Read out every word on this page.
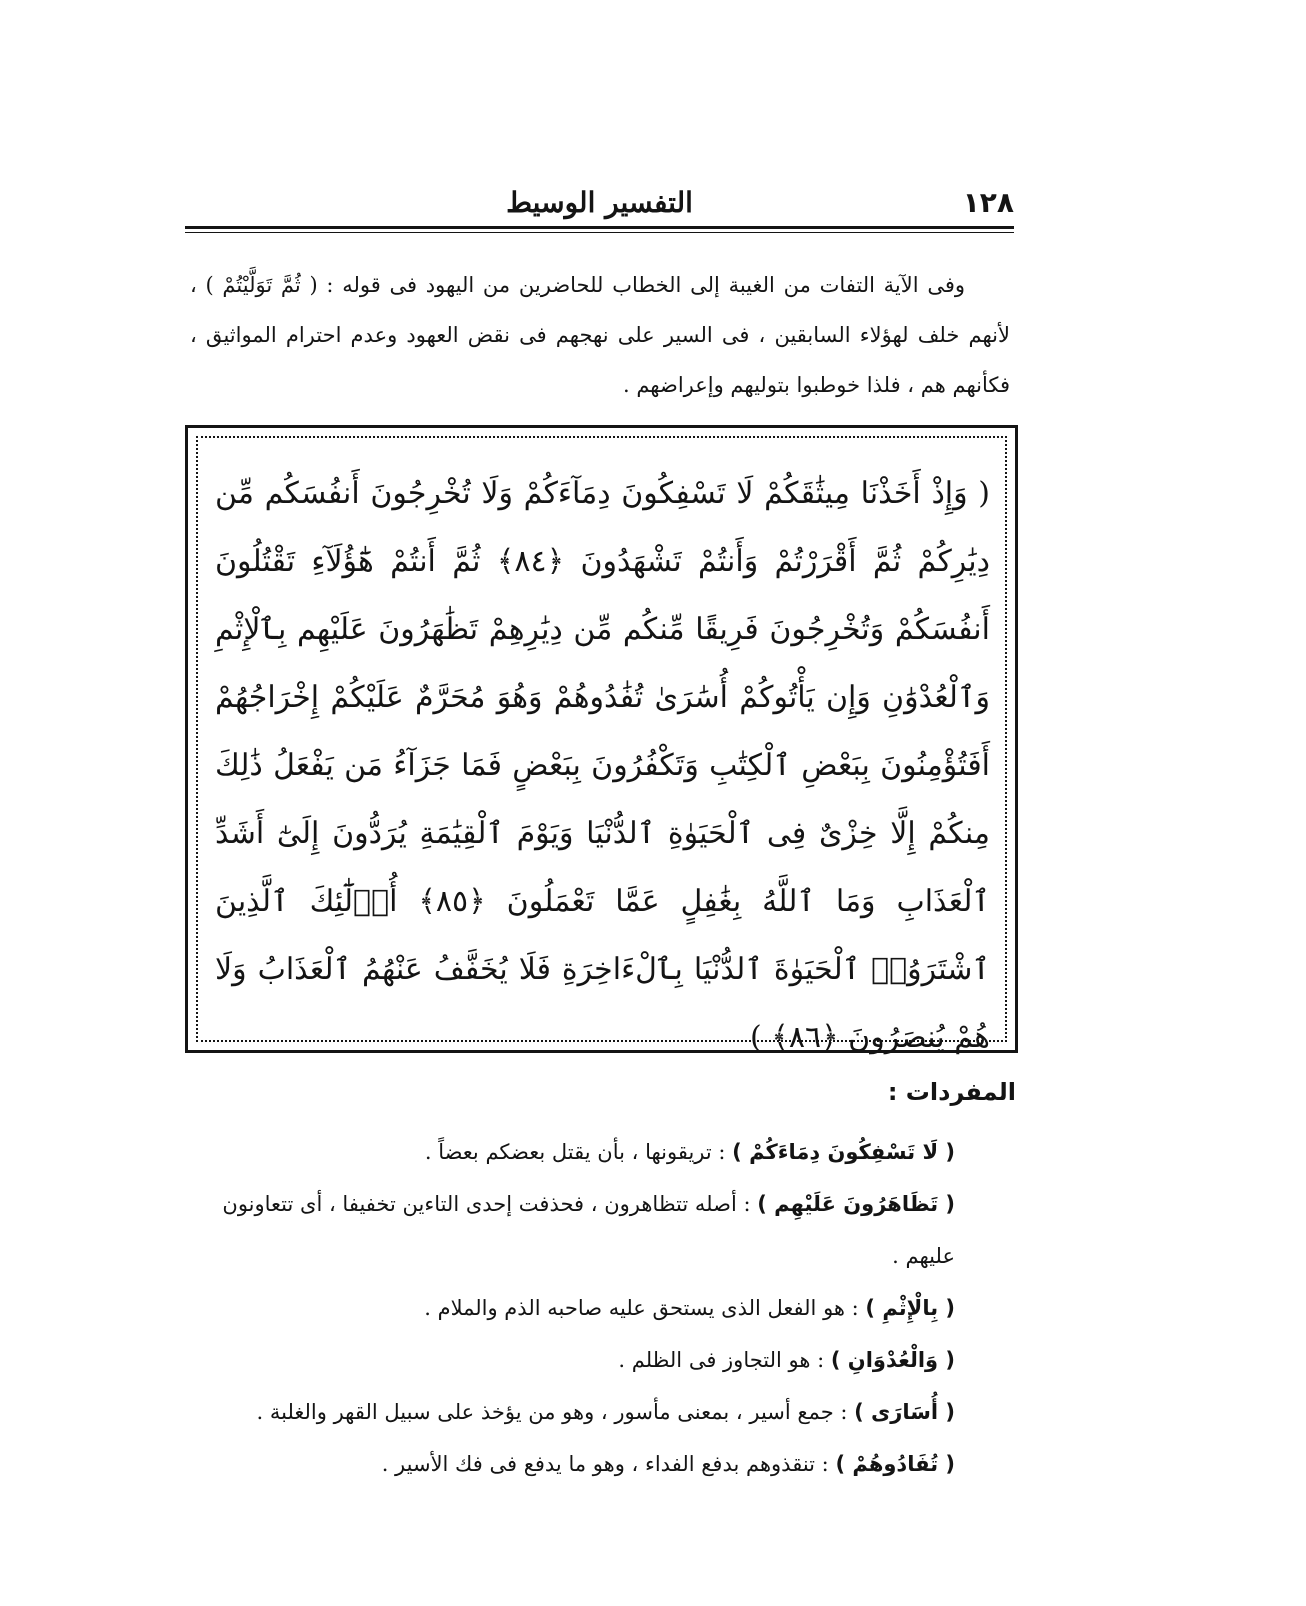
١٢٨
التفسير الوسيط

وفى الآية التفات من الغيبة إلى الخطاب للحاضرين من اليهود فى قوله : ( ثُمَّ تَوَلَّيْتُمْ ) ، لأنهم خلف لهؤلاء السابقين ، فى السير على نهجهم فى نقض العهود وعدم احترام المواثيق ، فكأنهم هم ، فلذا خوطبوا بتوليهم وإعراضهم .

( وَإِذْ أَخَذْنَا مِيثَٰقَكُمْ لَا تَسْفِكُونَ دِمَآءَكُمْ وَلَا تُخْرِجُونَ أَنفُسَكُم مِّن دِيَٰرِكُمْ ثُمَّ أَقْرَرْتُمْ وَأَنتُمْ تَشْهَدُونَ ﴿٨٤﴾ ثُمَّ أَنتُمْ هَٰٓؤُلَآءِ تَقْتُلُونَ أَنفُسَكُمْ وَتُخْرِجُونَ فَرِيقًا مِّنكُم مِّن دِيَٰرِهِمْ تَظَٰهَرُونَ عَلَيْهِم بِٱلْإِثْمِ وَٱلْعُدْوَٰنِ وَإِن يَأْتُوكُمْ أُسَٰرَىٰ تُفَٰدُوهُمْ وَهُوَ مُحَرَّمٌ عَلَيْكُمْ إِخْرَاجُهُمْ أَفَتُؤْمِنُونَ بِبَعْضِ ٱلْكِتَٰبِ وَتَكْفُرُونَ بِبَعْضٍ فَمَا جَزَآءُ مَن يَفْعَلُ ذَٰلِكَ مِنكُمْ إِلَّا خِزْىٌ فِى ٱلْحَيَوٰةِ ٱلدُّنْيَا وَيَوْمَ ٱلْقِيَٰمَةِ يُرَدُّونَ إِلَىٰٓ أَشَدِّ ٱلْعَذَابِ وَمَا ٱللَّهُ بِغَٰفِلٍ عَمَّا تَعْمَلُونَ ﴿٨٥﴾ أُو۟لَٰٓئِكَ ٱلَّذِينَ ٱشْتَرَوُا۟ ٱلْحَيَوٰةَ ٱلدُّنْيَا بِٱلْءَاخِرَةِ فَلَا يُخَفَّفُ عَنْهُمُ ٱلْعَذَابُ وَلَا هُمْ يُنصَرُونَ ﴿٨٦﴾ )
المفردات :
( لَا تَسْفِكُونَ دِمَاءَكُمْ ) : تريقونها ، بأن يقتل بعضكم بعضاً .
( تَظَاهَرُونَ عَلَيْهِم ) : أصله تتظاهرون ، فحذفت إحدى التاءين تخفيفا ، أى تتعاونون عليهم .
( بِالْإِثْمِ ) : هو الفعل الذى يستحق عليه صاحبه الذم والملام .
( وَالْعُدْوَانِ ) : هو التجاوز فى الظلم .
( أُسَارَى ) : جمع أسير ، بمعنى مأسور ، وهو من يؤخذ على سبيل القهر والغلبة .
( تُفَادُوهُمْ ) : تنقذوهم بدفع الفداء ، وهو ما يدفع فى فك الأسير .
